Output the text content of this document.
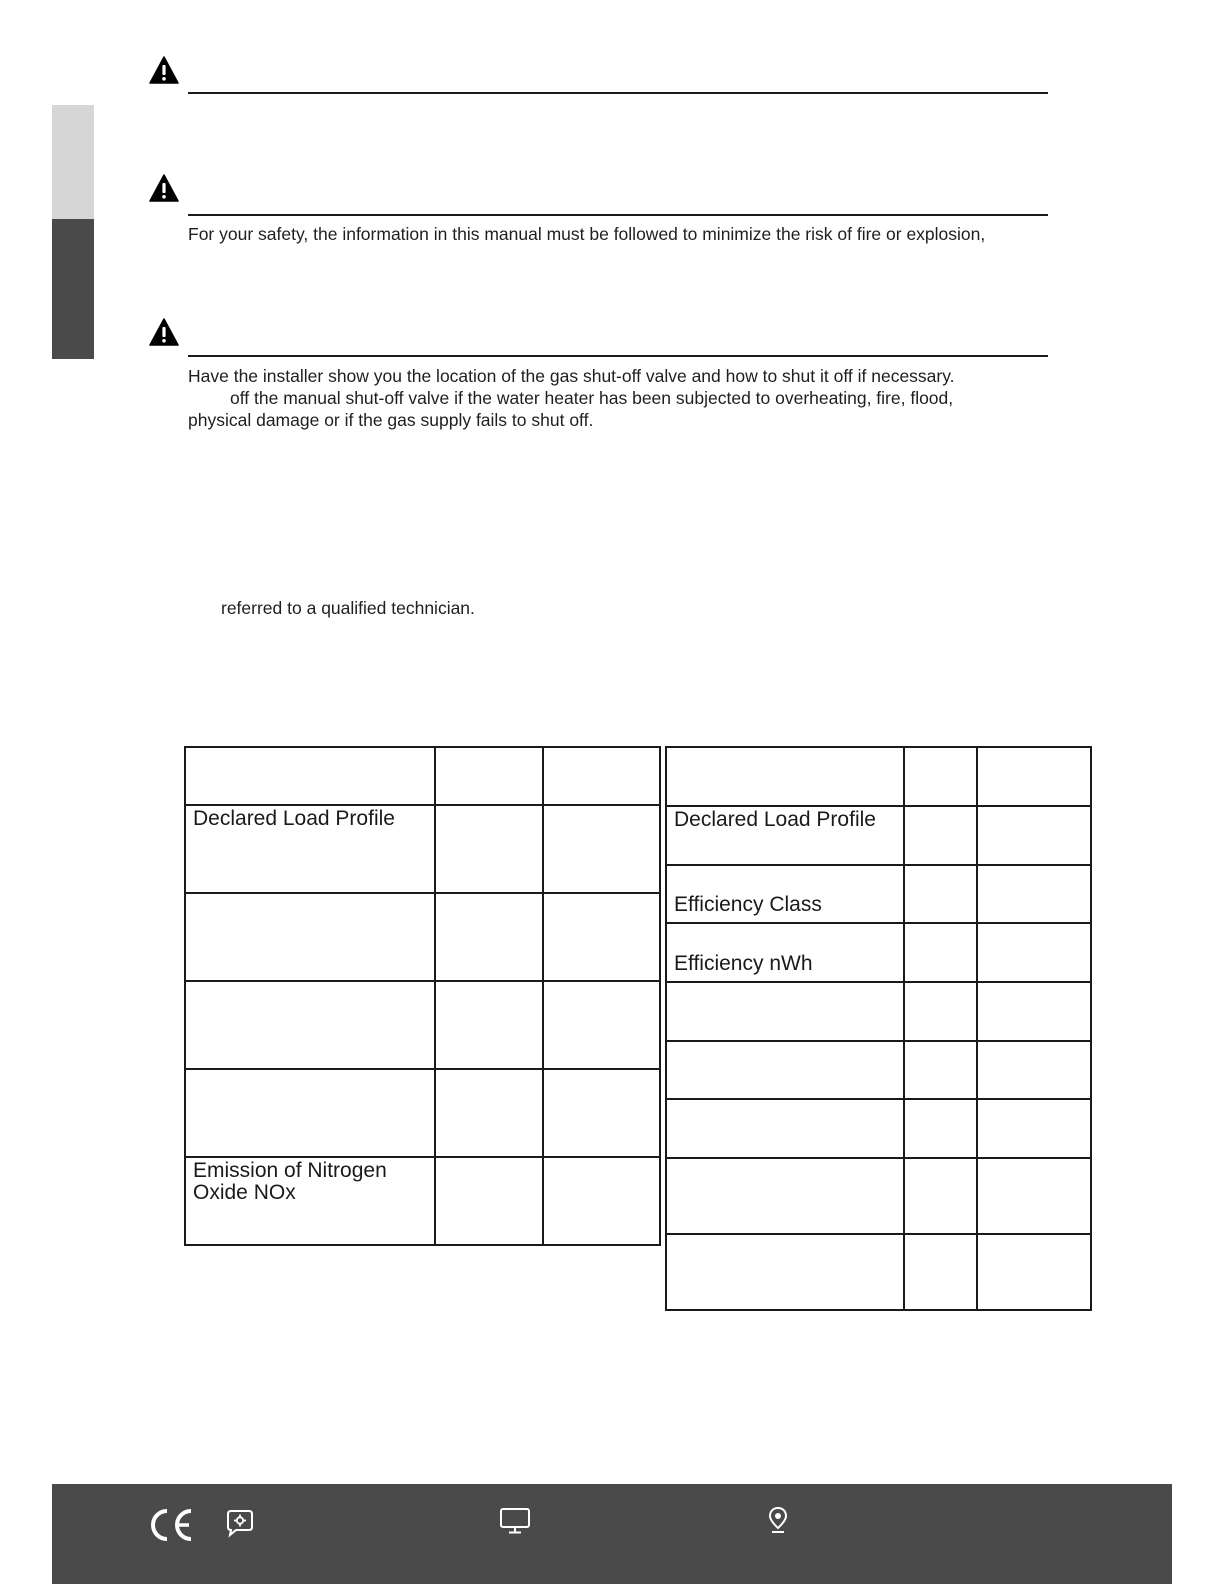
For your safety, the information in this manual must be followed to minimize the risk of fire or explosion,
Have the installer show you the location of the gas shut-off valve and how to shut it off if necessary.
off the manual shut-off valve if the water heater has been subjected to overheating, fire, flood,
physical damage or if the gas supply fails to shut off.
referred to a qualified technician.

Declared Load Profile		

Emission of Nitrogen Oxide NOx		

Declared Load Profile		
Efficiency Class		
Efficiency nWh		
